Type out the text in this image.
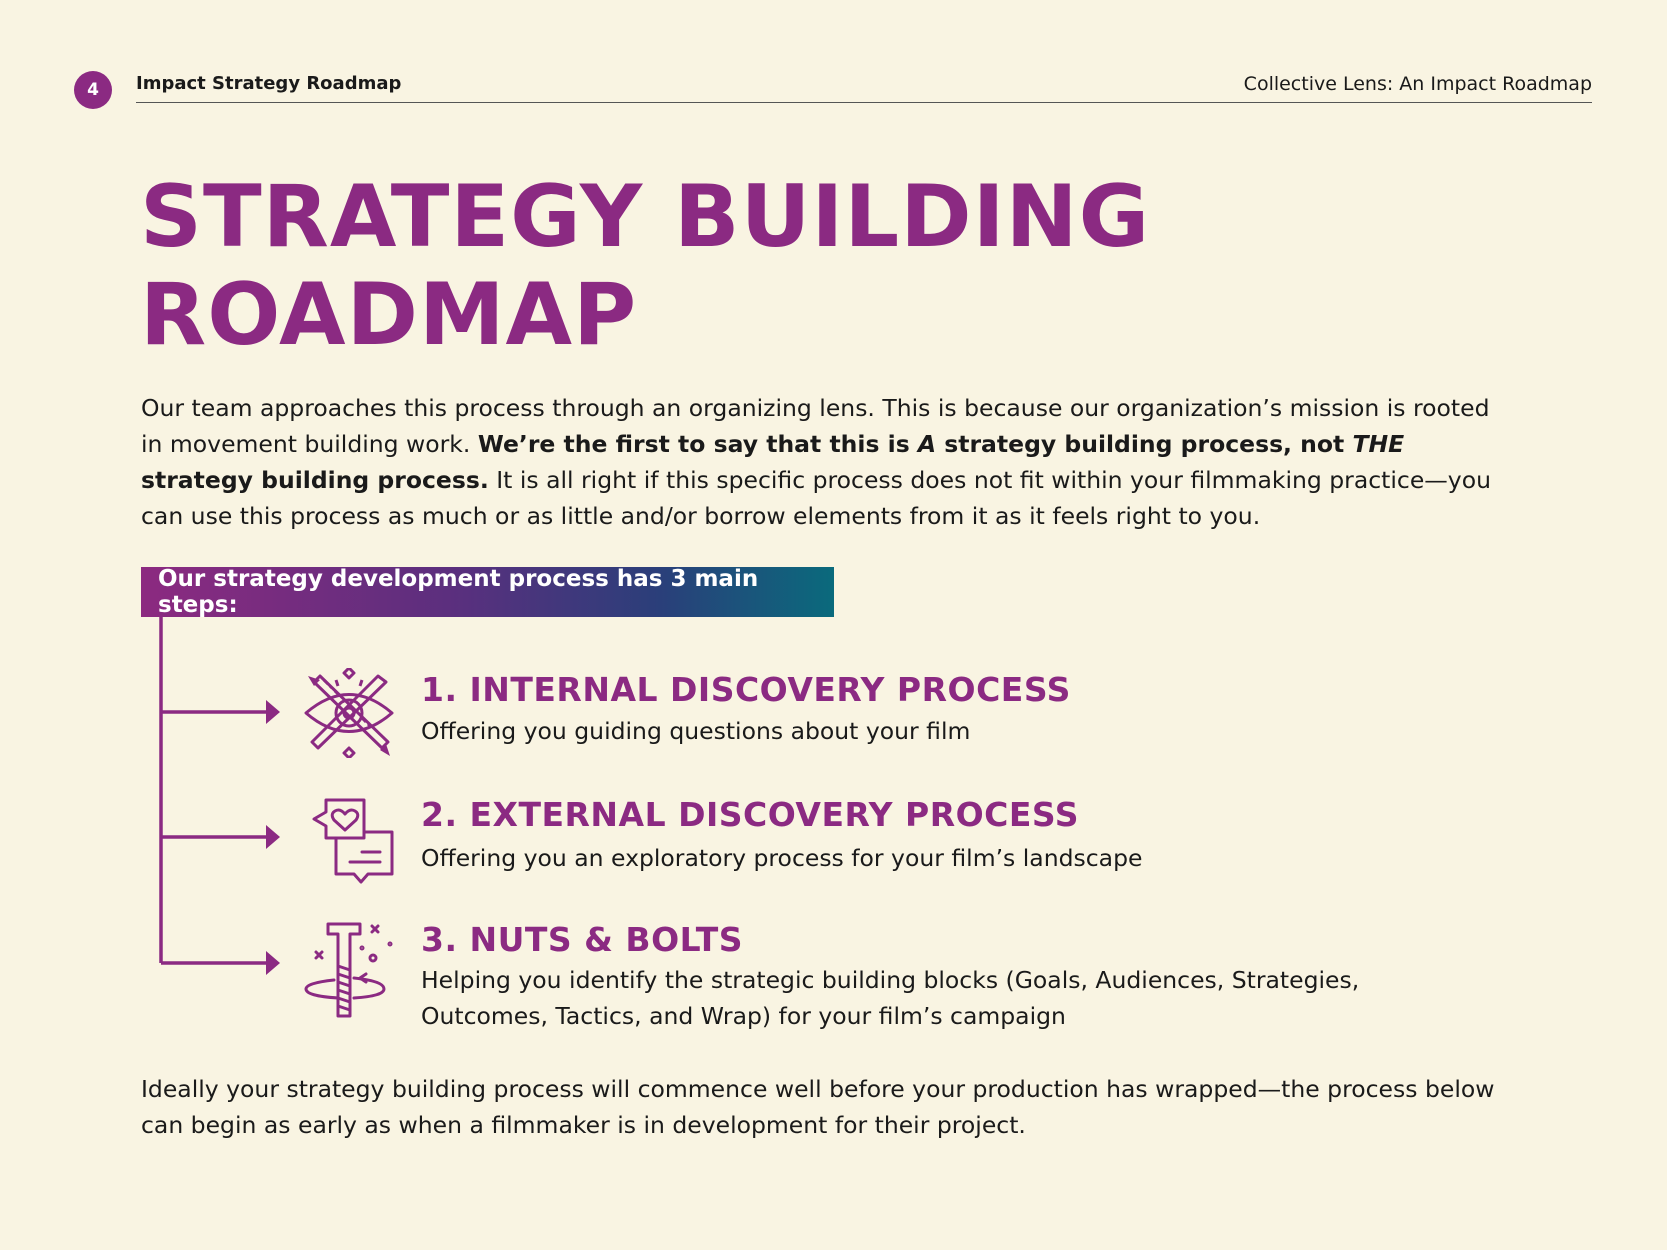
4	Impact Strategy Roadmap	Collective Lens: An Impact Roadmap
STRATEGY BUILDING
ROADMAP

Our team approaches this process through an organizing lens. This is because our organization’s mission is rooted in movement building work. We’re the first to say that this is A strategy building process, not THE strategy building process. It is all right if this specific process does not fit within your filmmaking practice—you can use this process as much or as little and/or borrow elements from it as it feels right to you.

Our strategy development process has 3 main steps:
1. INTERNAL DISCOVERY PROCESS

Offering you guiding questions about your film

2. EXTERNAL DISCOVERY PROCESS

Offering you an exploratory process for your film’s landscape

3. NUTS & BOLTS

Helping you identify the strategic building blocks (Goals, Audiences, Strategies, Outcomes, Tactics, and Wrap) for your film’s campaign

Ideally your strategy building process will commence well before your production has wrapped—the process below can begin as early as when a filmmaker is in development for their project.
